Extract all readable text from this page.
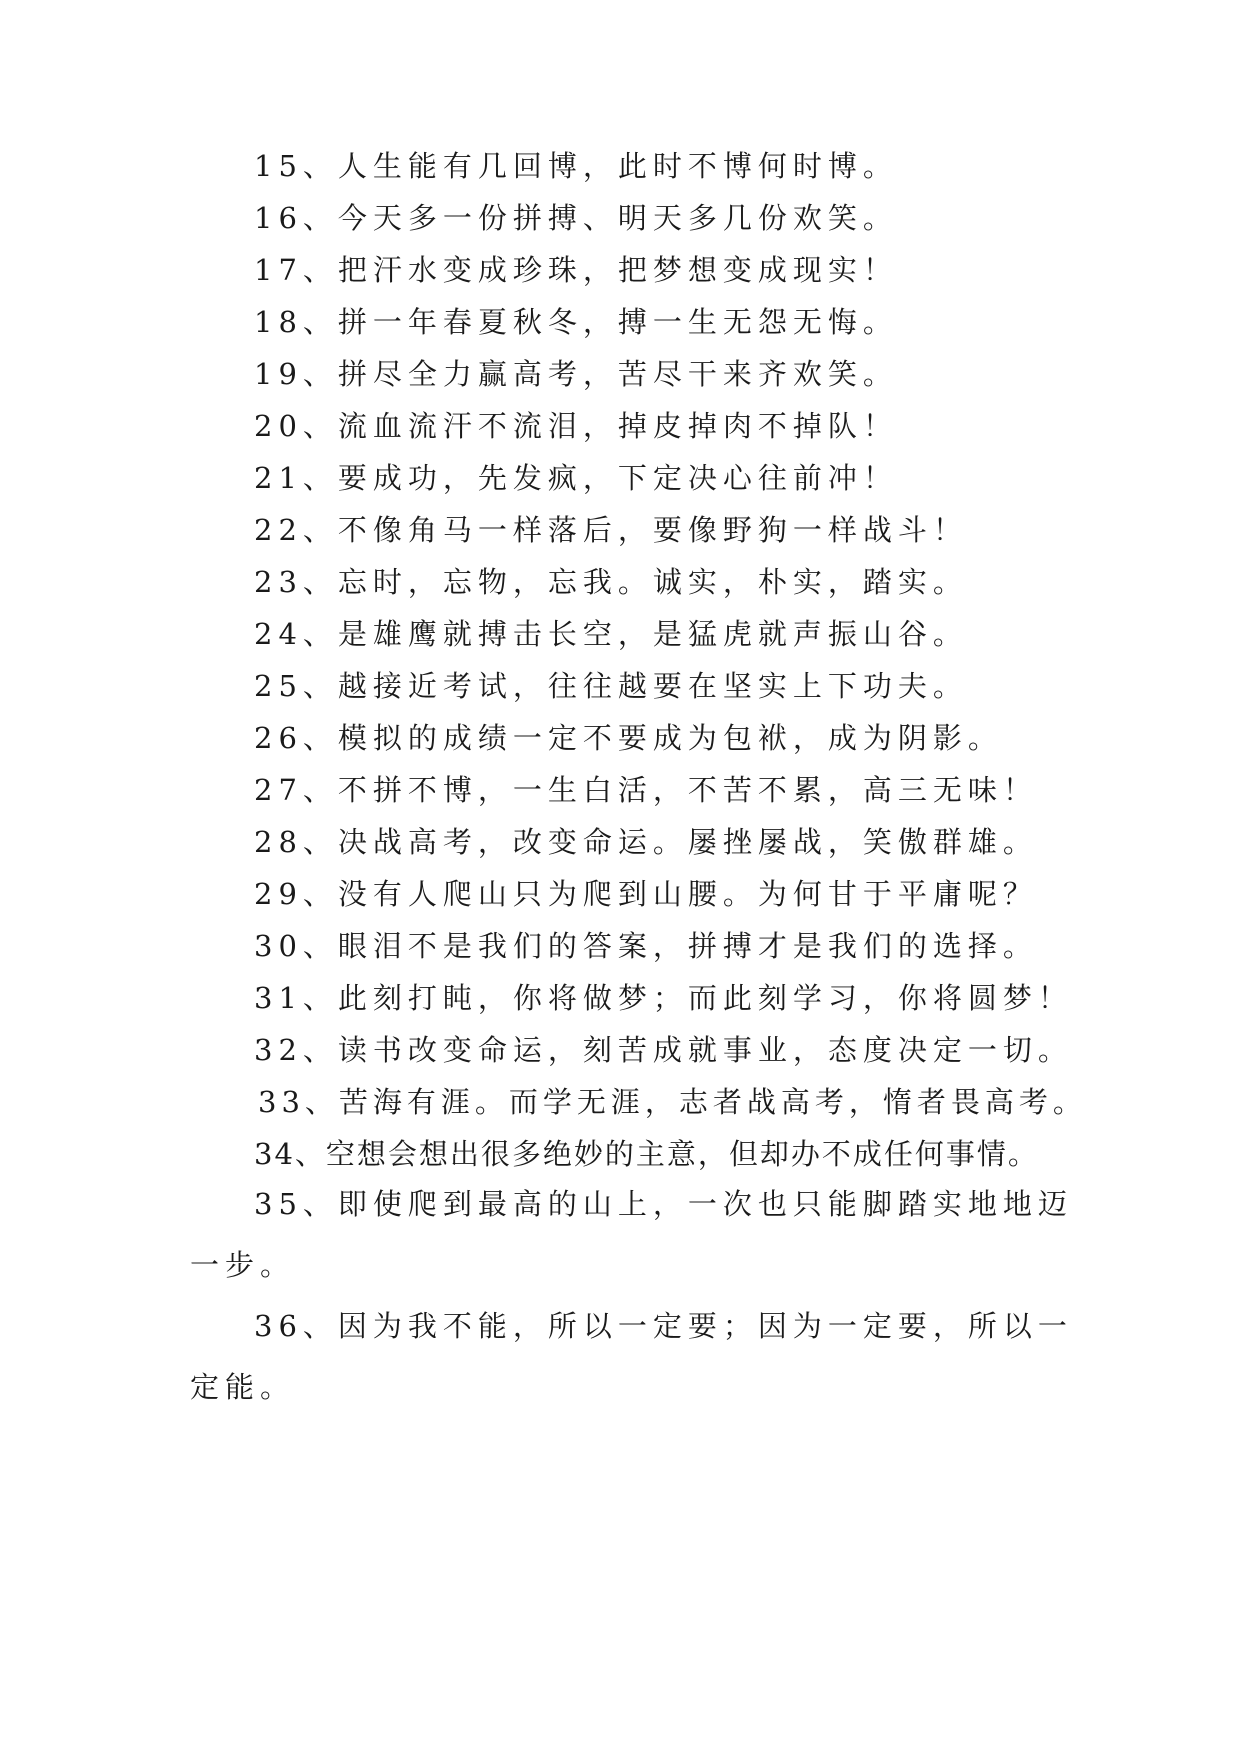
15、人生能有几回博，此时不博何时博。
16、今天多一份拼搏、明天多几份欢笑。
17、把汗水变成珍珠，把梦想变成现实！
18、拼一年春夏秋冬，搏一生无怨无悔。
19、拼尽全力赢高考，苦尽干来齐欢笑。
20、流血流汗不流泪，掉皮掉肉不掉队！
21、要成功，先发疯，下定决心往前冲！
22、不像角马一样落后，要像野狗一样战斗！
23、忘时，忘物，忘我。诚实，朴实，踏实。
24、是雄鹰就搏击长空，是猛虎就声振山谷。
25、越接近考试，往往越要在坚实上下功夫。
26、模拟的成绩一定不要成为包袱，成为阴影。
27、不拼不博，一生白活，不苦不累，高三无味！
28、决战高考，改变命运。屡挫屡战，笑傲群雄。
29、没有人爬山只为爬到山腰。为何甘于平庸呢？
30、眼泪不是我们的答案，拼搏才是我们的选择。
31、此刻打盹，你将做梦；而此刻学习，你将圆梦！
32、读书改变命运，刻苦成就事业，态度决定一切。
33、苦海有涯。而学无涯，志者战高考，惰者畏高考。
34、空想会想出很多绝妙的主意，但却办不成任何事情。
35、即使爬到最高的山上，一次也只能脚踏实地地迈一步。
36、因为我不能，所以一定要；因为一定要，所以一定能。
